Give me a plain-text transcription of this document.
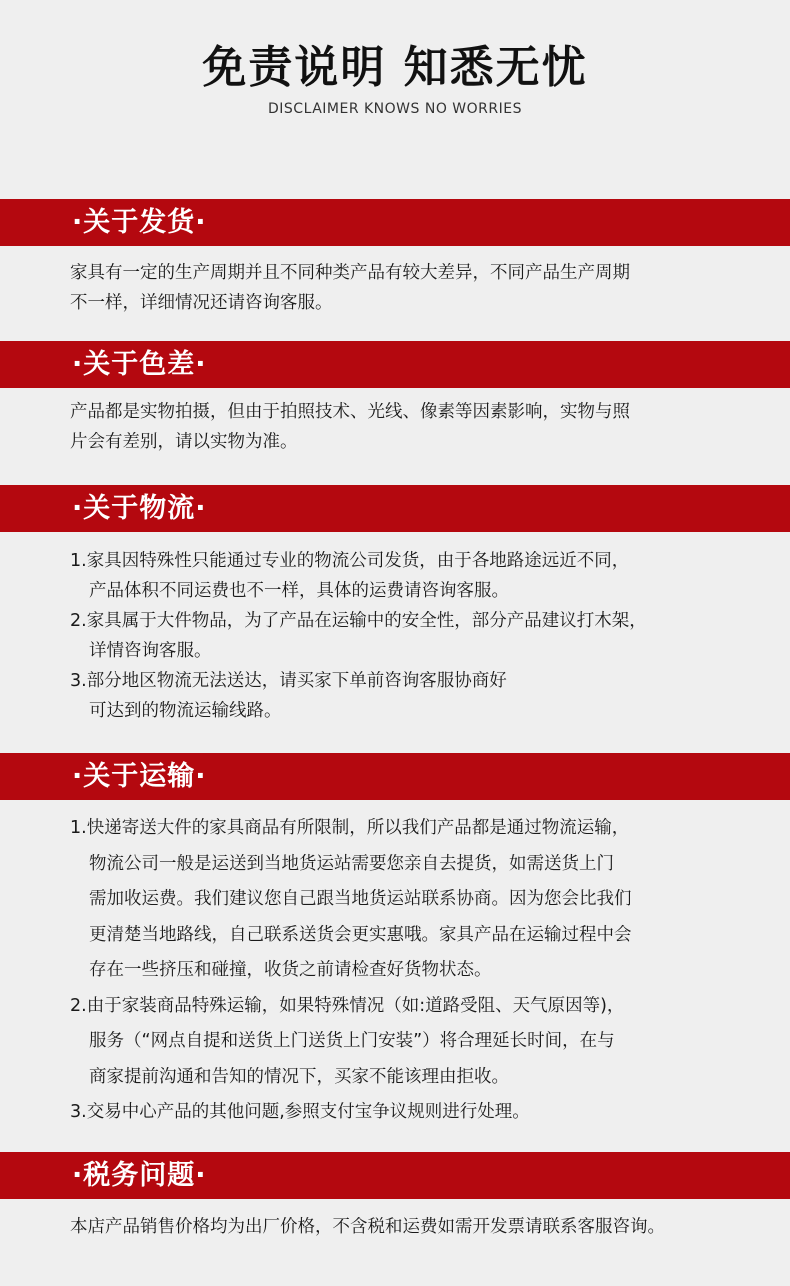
免责说明 知悉无忧
DISCLAIMER KNOWS NO WORRIES
·关于发货·
家具有一定的生产周期并且不同种类产品有较大差异，不同产品生产周期
不一样，详细情况还请咨询客服。
·关于色差·
产品都是实物拍摄，但由于拍照技术、光线、像素等因素影响，实物与照
片会有差别，请以实物为准。
·关于物流·
1.家具因特殊性只能通过专业的物流公司发货，由于各地路途远近不同，
产品体积不同运费也不一样，具体的运费请咨询客服。
2.家具属于大件物品，为了产品在运输中的安全性，部分产品建议打木架，
详情咨询客服。
3.部分地区物流无法送达，请买家下单前咨询客服协商好
可达到的物流运输线路。
·关于运输·
1.快递寄送大件的家具商品有所限制，所以我们产品都是通过物流运输，
物流公司一般是运送到当地货运站需要您亲自去提货，如需送货上门
需加收运费。我们建议您自己跟当地货运站联系协商。因为您会比我们
更清楚当地路线，自己联系送货会更实惠哦。家具产品在运输过程中会
存在一些挤压和碰撞，收货之前请检查好货物状态。
2.由于家装商品特殊运输，如果特殊情况（如:道路受阻、天气原因等)，
服务（“网点自提和送货上门送货上门安装”）将合理延长时间，在与
商家提前沟通和告知的情况下，买家不能该理由拒收。
3.交易中心产品的其他问题,参照支付宝争议规则进行处理。
·税务问题·
本店产品销售价格均为出厂价格，不含税和运费如需开发票请联系客服咨询。
